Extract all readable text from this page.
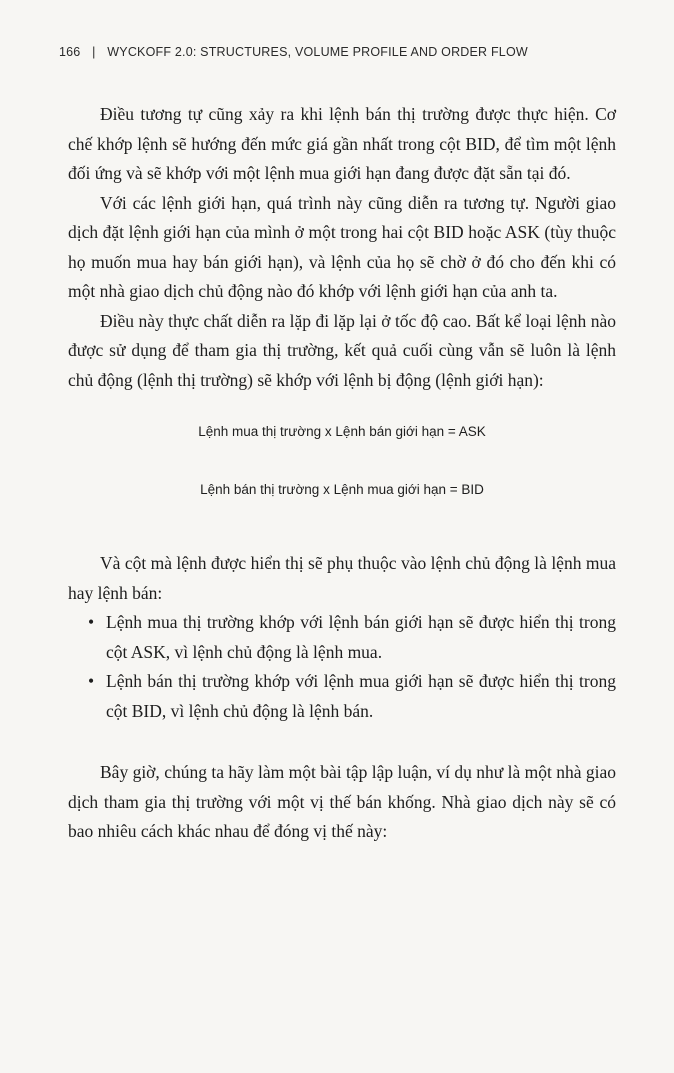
166 | WYCKOFF 2.0: STRUCTURES, VOLUME PROFILE AND ORDER FLOW

Điều tương tự cũng xảy ra khi lệnh bán thị trường được thực hiện. Cơ chế khớp lệnh sẽ hướng đến mức giá gần nhất trong cột BID, để tìm một lệnh đối ứng và sẽ khớp với một lệnh mua giới hạn đang được đặt sẵn tại đó.

Với các lệnh giới hạn, quá trình này cũng diễn ra tương tự. Người giao dịch đặt lệnh giới hạn của mình ở một trong hai cột BID hoặc ASK (tùy thuộc họ muốn mua hay bán giới hạn), và lệnh của họ sẽ chờ ở đó cho đến khi có một nhà giao dịch chủ động nào đó khớp với lệnh giới hạn của anh ta.

Điều này thực chất diễn ra lặp đi lặp lại ở tốc độ cao. Bất kể loại lệnh nào được sử dụng để tham gia thị trường, kết quả cuối cùng vẫn sẽ luôn là lệnh chủ động (lệnh thị trường) sẽ khớp với lệnh bị động (lệnh giới hạn):

Lệnh mua thị trường x Lệnh bán giới hạn = ASK
Lệnh bán thị trường x Lệnh mua giới hạn = BID

Và cột mà lệnh được hiển thị sẽ phụ thuộc vào lệnh chủ động là lệnh mua hay lệnh bán:

• Lệnh mua thị trường khớp với lệnh bán giới hạn sẽ được hiển thị trong cột ASK, vì lệnh chủ động là lệnh mua.
• Lệnh bán thị trường khớp với lệnh mua giới hạn sẽ được hiển thị trong cột BID, vì lệnh chủ động là lệnh bán.

Bây giờ, chúng ta hãy làm một bài tập lập luận, ví dụ như là một nhà giao dịch tham gia thị trường với một vị thế bán khống. Nhà giao dịch này sẽ có bao nhiêu cách khác nhau để đóng vị thế này:
